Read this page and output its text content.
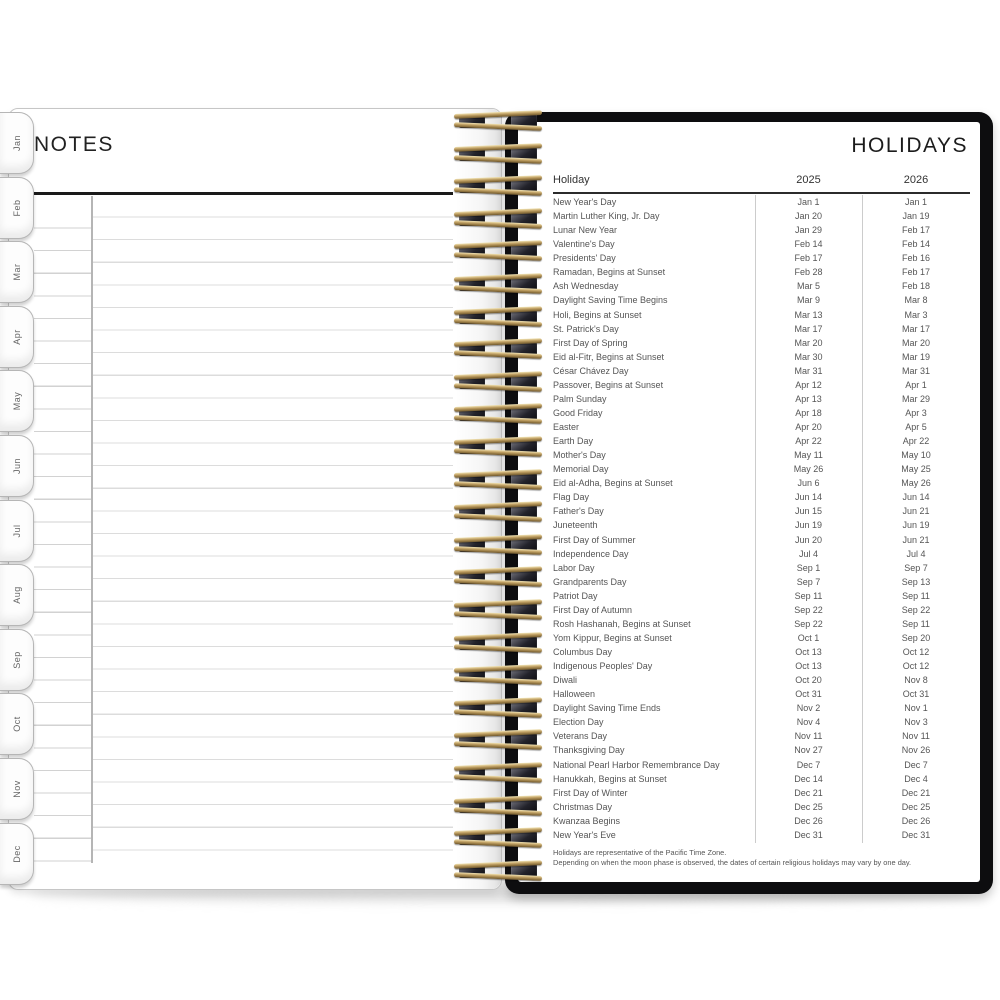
NOTES
Jan
Feb
Mar
Apr
May
Jun
Jul
Aug
Sep
Oct
Nov
Dec
HOLIDAYS
Holiday	2025	2026
New Year's Day	Jan 1	Jan 1
Martin Luther King, Jr. Day	Jan 20	Jan 19
Lunar New Year	Jan 29	Feb 17
Valentine's Day	Feb 14	Feb 14
Presidents' Day	Feb 17	Feb 16
Ramadan, Begins at Sunset	Feb 28	Feb 17
Ash Wednesday	Mar 5	Feb 18
Daylight Saving Time Begins	Mar 9	Mar 8
Holi, Begins at Sunset	Mar 13	Mar 3
St. Patrick's Day	Mar 17	Mar 17
First Day of Spring	Mar 20	Mar 20
Eid al-Fitr, Begins at Sunset	Mar 30	Mar 19
César Chávez Day	Mar 31	Mar 31
Passover, Begins at Sunset	Apr 12	Apr 1
Palm Sunday	Apr 13	Mar 29
Good Friday	Apr 18	Apr 3
Easter	Apr 20	Apr 5
Earth Day	Apr 22	Apr 22
Mother's Day	May 11	May 10
Memorial Day	May 26	May 25
Eid al-Adha, Begins at Sunset	Jun 6	May 26
Flag Day	Jun 14	Jun 14
Father's Day	Jun 15	Jun 21
Juneteenth	Jun 19	Jun 19
First Day of Summer	Jun 20	Jun 21
Independence Day	Jul 4	Jul 4
Labor Day	Sep 1	Sep 7
Grandparents Day	Sep 7	Sep 13
Patriot Day	Sep 11	Sep 11
First Day of Autumn	Sep 22	Sep 22
Rosh Hashanah, Begins at Sunset	Sep 22	Sep 11
Yom Kippur, Begins at Sunset	Oct 1	Sep 20
Columbus Day	Oct 13	Oct 12
Indigenous Peoples' Day	Oct 13	Oct 12
Diwali	Oct 20	Nov 8
Halloween	Oct 31	Oct 31
Daylight Saving Time Ends	Nov 2	Nov 1
Election Day	Nov 4	Nov 3
Veterans Day	Nov 11	Nov 11
Thanksgiving Day	Nov 27	Nov 26
National Pearl Harbor Remembrance Day	Dec 7	Dec 7
Hanukkah, Begins at Sunset	Dec 14	Dec 4
First Day of Winter	Dec 21	Dec 21
Christmas Day	Dec 25	Dec 25
Kwanzaa Begins	Dec 26	Dec 26
New Year's Eve	Dec 31	Dec 31
Holidays are representative of the Pacific Time Zone.
Depending on when the moon phase is observed, the dates of certain religious holidays may vary by one day.
